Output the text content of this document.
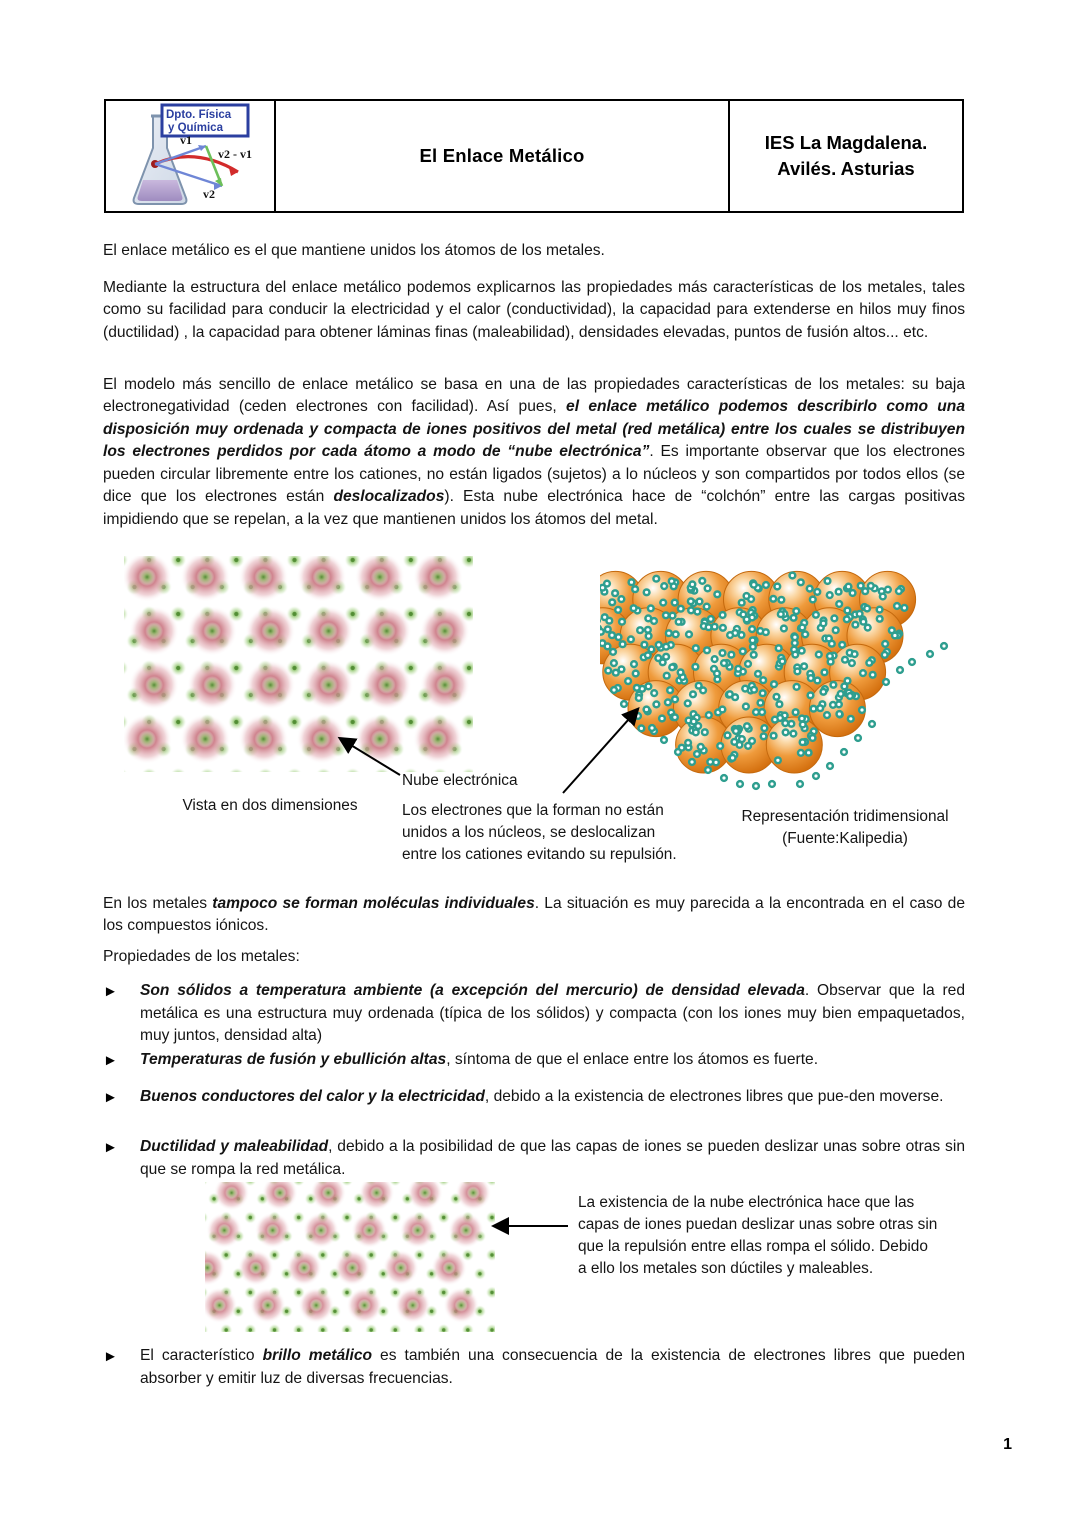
Dpto. Física
y Química
v1
v2 - v1
v2
El Enlace Metálico
IES La Magdalena.
Avilés. Asturias
El enlace metálico es el que mantiene unidos los átomos de los metales.
Mediante la estructura del enlace metálico podemos explicarnos las propiedades más características de los metales, tales como su facilidad para conducir la electricidad y el calor (conductividad), la capacidad para extenderse en hilos muy finos (ductilidad) , la capacidad para obtener láminas finas (maleabilidad), densidades elevadas, puntos de fusión altos... etc.
El modelo más sencillo de enlace metálico se basa en una de las propiedades características de los metales: su baja electronegatividad (ceden electrones con facilidad). Así pues, el enlace metálico podemos describirlo como una disposición muy ordenada y compacta de iones positivos del metal (red metálica) entre los cuales se distribuyen los electrones perdidos por cada átomo a modo de “nube electrónica”. Es importante observar que los electrones pueden circular libremente entre los cationes, no están ligados (sujetos) a lo núcleos y son compartidos por todos ellos (se dice que los electrones están deslocalizados). Esta nube electrónica hace de “colchón” entre las cargas positivas impidiendo que se repelan, a la vez que mantienen unidos los átomos del metal.
Vista en dos dimensiones
Nube electrónica
Los electrones que la forman no están unidos a los núcleos, se deslocalizan entre los cationes evitando su repulsión.
Representación tridimensional
(Fuente:Kalipedia)
En los metales tampoco se forman moléculas individuales. La situación es muy parecida a la encontrada en el caso de los compuestos iónicos.
Propiedades de los metales:
► Son sólidos a temperatura ambiente (a excepción del mercurio) de densidad elevada. Observar que la red metálica es una estructura muy ordenada (típica de los sólidos) y compacta (con los iones muy bien empaquetados, muy juntos, densidad alta)
► Temperaturas de fusión y ebullición altas, síntoma de que el enlace entre los átomos es fuerte.
► Buenos conductores del calor y la electricidad, debido a la existencia de electrones libres que pue-den moverse.
► Ductilidad y maleabilidad, debido a la posibilidad de que las capas de iones se pueden deslizar unas sobre otras sin que se rompa la red metálica.
La existencia de la nube electrónica hace que las capas de iones puedan deslizar unas sobre otras sin que la repulsión entre ellas rompa el sólido. Debido a ello los metales son dúctiles y maleables.
► El característico brillo metálico es también una consecuencia de la existencia de electrones libres que pueden absorber y emitir luz de diversas frecuencias.
1
